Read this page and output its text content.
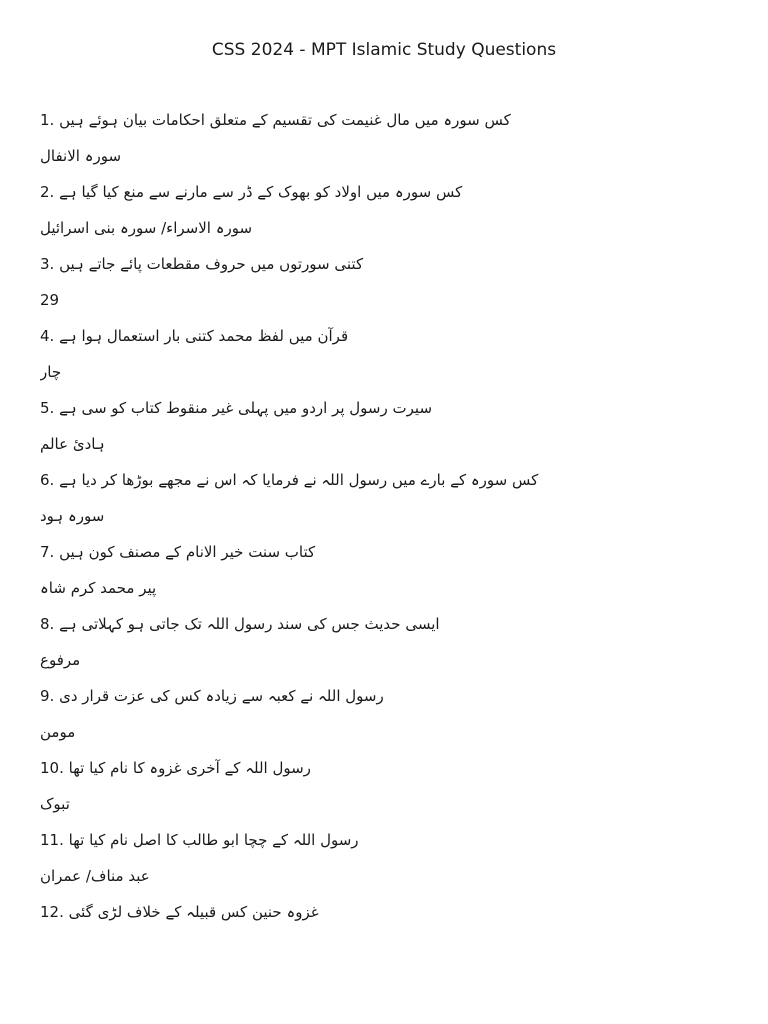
CSS 2024 - MPT Islamic Study Questions
1. کس سورہ میں مال غنیمت کی تقسیم کے متعلق احکامات بیان ہوئے ہیں
سورہ الانفال
2. کس سورہ میں اولاد کو بھوک کے ڈر سے مارنے سے منع کیا گیا ہے
سورہ الاسراء/ سورہ بنی اسرائیل
3. کتنی سورتوں میں حروف مقطعات پائے جاتے ہیں
29
4. قرآن میں لفظ محمد کتنی بار استعمال ہوا ہے
چار
5. سیرت رسول پر اردو میں پہلی غیر منقوط کتاب کو سی ہے
ہادئ عالم
6. کس سورہ کے بارے میں رسول اللہ نے فرمایا کہ اس نے مجھے بوڑھا کر دیا ہے
سورہ ہود
7. کتاب سنت خیر الانام کے مصنف کون ہیں
پیر محمد کرم شاہ
8. ایسی حدیث جس کی سند رسول اللہ تک جاتی ہو کہلاتی ہے
مرفوع
9. رسول اللہ نے کعبہ سے زیادہ کس کی عزت قرار دی
مومن
10. رسول اللہ کے آخری غزوہ کا نام کیا تھا
تبوک
11. رسول اللہ کے چچا ابو طالب کا اصل نام کیا تھا
عبد مناف/ عمران
12. غزوہ حنین کس قبیلہ کے خلاف لڑی گئی
